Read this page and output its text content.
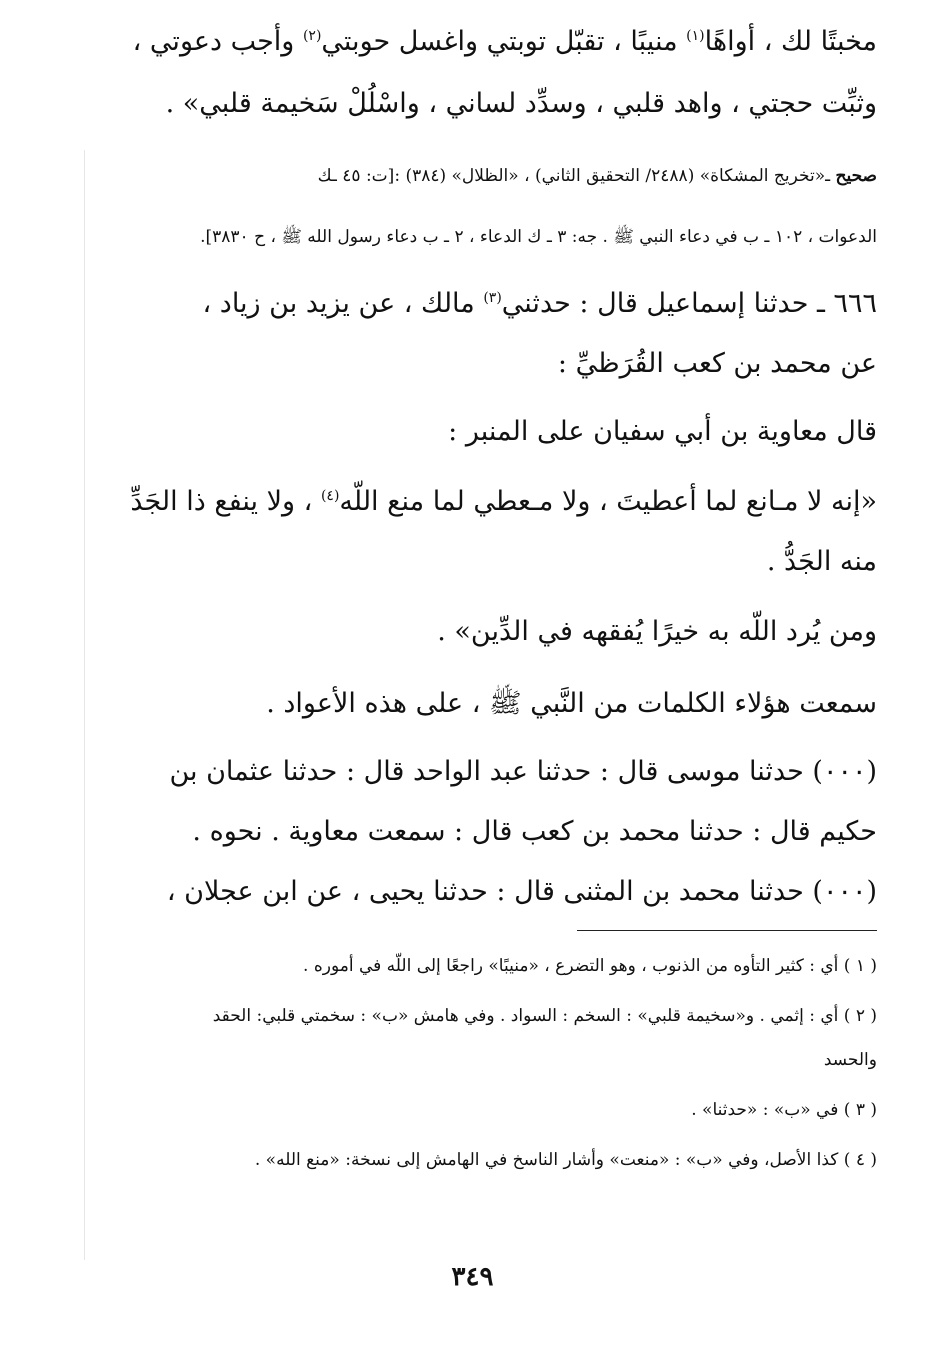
مخبتًا لك ، أواهًا$^{(١)}$ منيبًا ، تقبّل توبتي واغسل حوبتي$^{(٢)}$ وأجب دعوتي ،
وثبِّت حجتي ، واهد قلبي ، وسدِّد لساني ، واسْلُلْ سَخيمة قلبي» .
صحيح ـ«تخريج المشكاة» (٢٤٨٨/ التحقيق الثاني) ، «الظلال» (٣٨٤) :[ت: ٤٥ ـك
الدعوات ، ١٠٢ ـ ب في دعاء النبي ﷺ . جه: ٣ ـ ك الدعاء ، ٢ ـ ب دعاء رسول الله ﷺ ، ح ٣٨٣٠].
٦٦٦ ـ حدثنا إسماعيل قال : حدثني$^{(٣)}$ مالك ، عن يزيد بن زياد ،
عن محمد بن كعب القُرَظيِّ :
قال معاوية بن أبي سفيان على المنبر :
«إنه لا مـانع لما أعطيتَ ، ولا مـعطي لما منع اللّه$^{(٤)}$ ، ولا ينفع ذا الجَدِّ
منه الجَدُّ .
ومن يُرد اللّه به خيرًا يُفقهه في الدِّين» .
سمعت هؤلاء الكلمات من النَّبي ﷺ ، على هذه الأعواد .
(٠٠٠) حدثنا موسى قال : حدثنا عبد الواحد قال : حدثنا عثمان بن
حكيم قال : حدثنا محمد بن كعب قال : سمعت معاوية . نحوه .
(٠٠٠) حدثنا محمد بن المثنى قال : حدثنا يحيى ، عن ابن عجلان ،
( ١ ) أي : كثير التأوه من الذنوب ، وهو التضرع ، «منيبًا» راجعًا إلى اللّه في أموره .
( ٢ ) أي : إثمي . و«سخيمة قلبي» : السخم : السواد . وفي هامش «ب» : سخمتي قلبي: الحقد
والحسد
( ٣ ) في «ب» : «حدثنا» .
( ٤ ) كذا الأصل، وفي «ب» : «منعت» وأشار الناسخ في الهامش إلى نسخة: «منع الله» .
٣٤٩
